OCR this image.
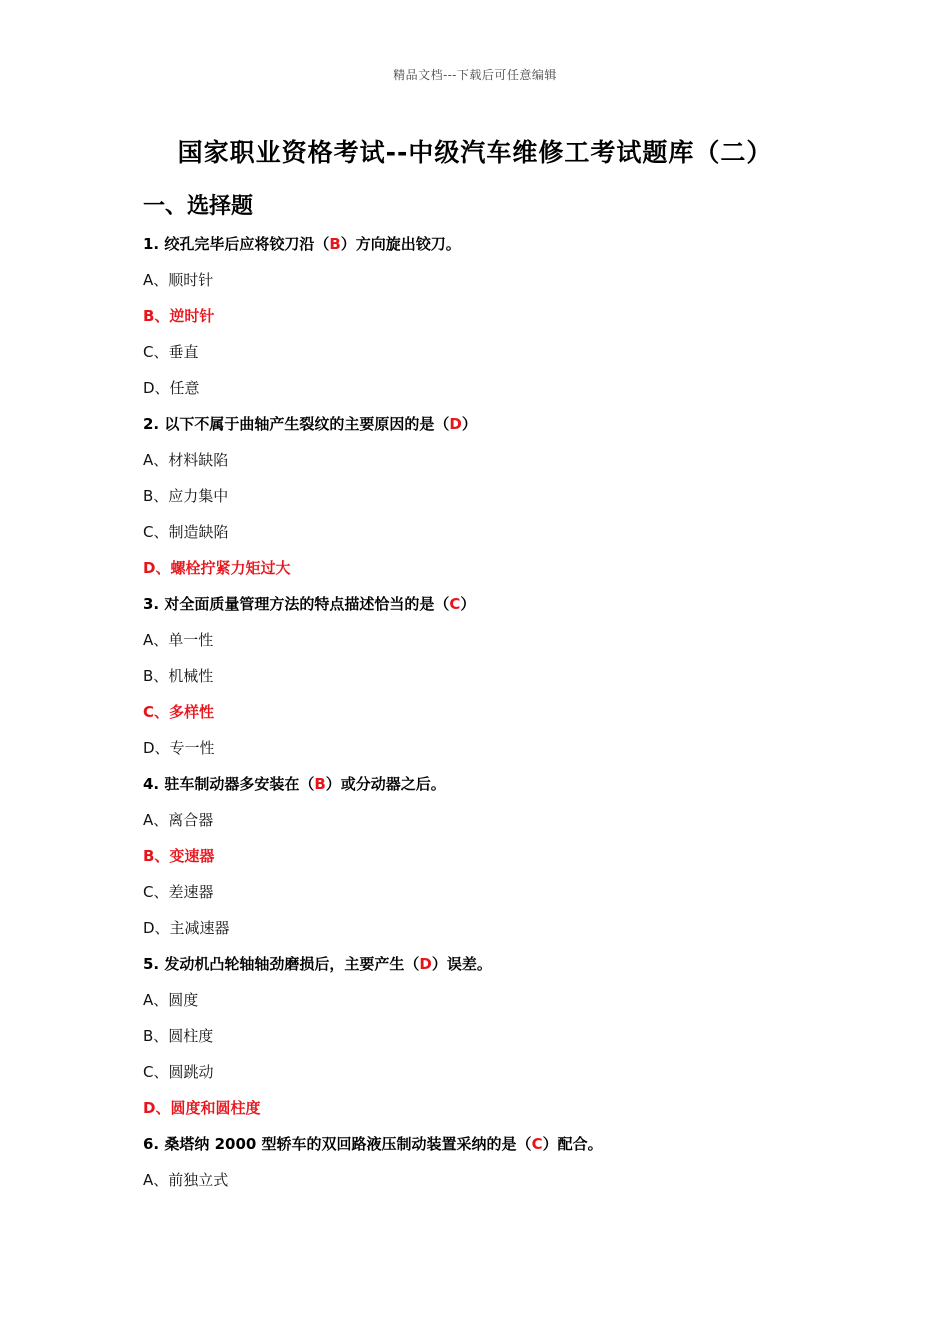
精品文档---下载后可任意编辑
国家职业资格考试--中级汽车维修工考试题库（二）
一、选择题
1. 绞孔完毕后应将铰刀沿（B）方向旋出铰刀。
A、顺时针
B、逆时针
C、垂直
D、任意
2. 以下不属于曲轴产生裂纹的主要原因的是（D）
A、材料缺陷
B、应力集中
C、制造缺陷
D、螺栓拧紧力矩过大
3. 对全面质量管理方法的特点描述恰当的是（C）
A、单一性
B、机械性
C、多样性
D、专一性
4. 驻车制动器多安装在（B）或分动器之后。
A、离合器
B、变速器
C、差速器
D、主减速器
5. 发动机凸轮轴轴劲磨损后，主要产生（D）误差。
A、圆度
B、圆柱度
C、圆跳动
D、圆度和圆柱度
6. 桑塔纳 2000 型轿车的双回路液压制动装置采纳的是（C）配合。
A、前独立式
